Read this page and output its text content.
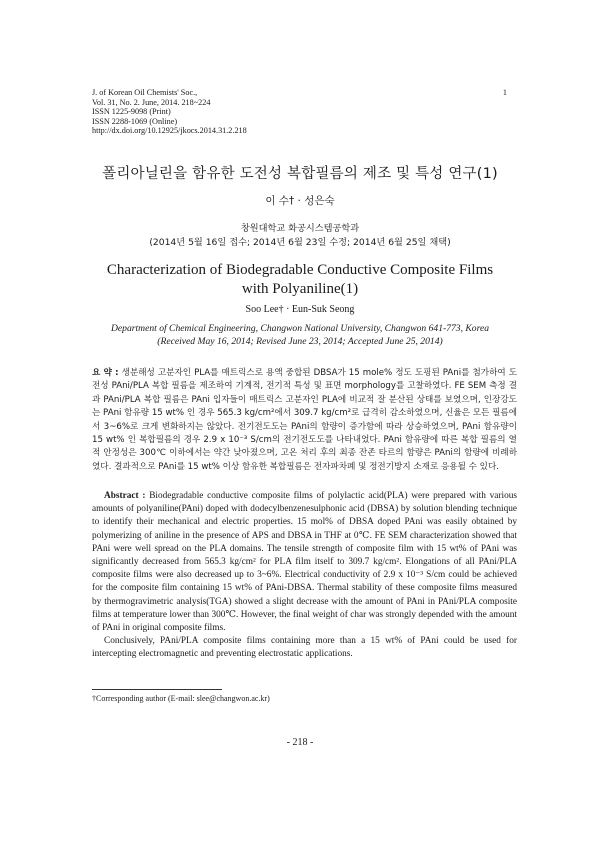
J. of Korean Oil Chemists' Soc.,
Vol. 31, No. 2. June, 2014. 218~224
ISSN 1225-9098 (Print)
ISSN 2288-1069 (Online)
http://dx.doi.org/10.12925/jkocs.2014.31.2.218
1
폴리아닐린을 함유한 도전성 복합필름의 제조 및 특성 연구(1)
이 수† · 성은숙
창원대학교 화공시스템공학과
(2014년 5월 16일 접수; 2014년 6월 23일 수정; 2014년 6월 25일 채택)
Characterization of Biodegradable Conductive Composite Films
with Polyaniline(1)
Soo Lee† · Eun-Suk Seong
Department of Chemical Engineering, Changwon National University, Changwon 641-773, Korea
(Received May 16, 2014; Revised June 23, 2014; Accepted June 25, 2014)
요 약 : 생분해성 고분자인 PLA를 매트릭스로 용액 중합된 DBSA가 15 mole% 정도 도핑된 PAni를 첨가하여 도전성 PAni/PLA 복합 필름을 제조하여 기계적, 전기적 특성 및 표면 morphology를 고찰하였다. FE SEM 측정 결과 PAni/PLA 복합 필름은 PAni 입자들이 매트릭스 고분자인 PLA에 비교적 잘 분산된 상태를 보였으며, 인장강도는 PAni 함유량 15 wt% 인 경우 565.3 kg/cm²에서 309.7 kg/cm²로 급격히 감소하였으며, 신율은 모든 필름에서 3~6%로 크게 변화하지는 않았다. 전기전도도는 PAni의 함량이 증가함에 따라 상승하였으며, PAni 함유량이 15 wt% 인 복합필름의 경우 2.9 x 10⁻³ S/cm의 전기전도도를 나타내었다. PAni 함유량에 따른 복합 필름의 열적 안정성은 300℃ 이하에서는 약간 낮아졌으며, 고온 처리 후의 최종 잔존 타르의 함량은 PAni의 함량에 비례하였다. 결과적으로 PAni를 15 wt% 이상 함유한 복합필름은 전자파차폐 및 정전기방지 소재로 응용될 수 있다.

Abstract : Biodegradable conductive composite films of polylactic acid(PLA) were prepared with various amounts of polyaniline(PAni) doped with dodecylbenzenesulphonic acid (DBSA) by solution blending technique to identify their mechanical and electric properties. 15 mol% of DBSA doped PAni was easily obtained by polymerizing of aniline in the presence of APS and DBSA in THF at 0℃. FE SEM characterization showed that PAni were well spread on the PLA domains. The tensile strength of composite film with 15 wt% of PAni was significantly decreased from 565.3 kg/cm² for PLA film itself to 309.7 kg/cm². Elongations of all PAni/PLA composite films were also decreased up to 3~6%. Electrical conductivity of 2.9 x 10⁻³ S/cm could be achieved for the composite film containing 15 wt% of PAni-DBSA. Thermal stability of these composite films measured by thermogravimetric analysis(TGA) showed a slight decrease with the amount of PAni in PAni/PLA composite films at temperature lower than 300℃. However, the final weight of char was strongly depended with the amount of PAni in original composite films.

Conclusively, PAni/PLA composite films containing more than a 15 wt% of PAni could be used for intercepting electromagnetic and preventing electrostatic applications.

†Corresponding author (E-mail: slee@changwon.ac.kr)
- 218 -
